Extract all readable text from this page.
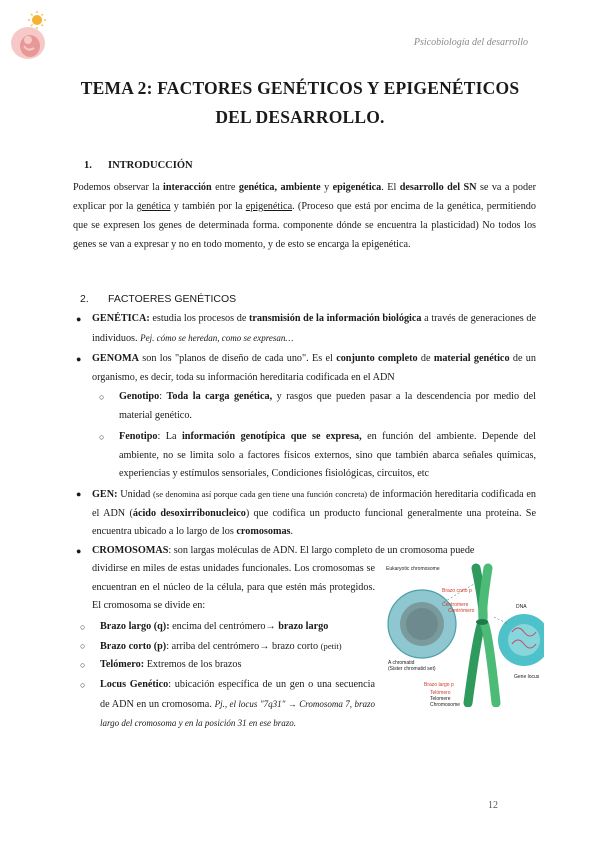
Psicobiología del desarrollo
TEMA 2: FACTORES GENÉTICOS Y EPIGENÉTICOS
DEL DESARROLLO.
1. INTRODUCCIÓN

Podemos observar la interacción entre genética, ambiente y epigenética. El desarrollo del SN se va a poder explicar por la genética y también por la epigenética. (Proceso que está por encima de la genética, permitiendo que se expresen los genes de determinada forma. componente dónde se encuentra la plasticidad) No todos los genes se van a expresar y no en todo momento, y de esto se encarga la epigenética.

2. FACTOERES GENÉTICOS
● GENÉTICA: estudia los procesos de transmisión de la información biológica a través de generaciones de individuos. Pej. cómo se heredan, como se expresan…
● GENOMA son los "planos de diseño de cada uno". Es el conjunto completo de material genético de un organismo, es decir, toda su información hereditaria codificada en el ADN
○ Genotipo: Toda la carga genética, y rasgos que pueden pasar a la descendencia por medio del material genético.
○ Fenotipo: La información genotípica que se expresa, en función del ambiente. Depende del ambiente, no se limita solo a factores físicos externos, sino que también abarca señales químicas, experiencias y estímulos sensoriales, Condiciones fisiológicas, circuitos, etc
● GEN: Unidad (se denomina así porque cada gen tiene una función concreta) de información hereditaria codificada en el ADN (ácido desoxirribonucleico) que codifica un producto funcional generalmente una proteína. Se encuentra ubicado a lo largo de los cromosomas.
● CROMOSOMAS: son largas moléculas de ADN. El largo completo de un cromosoma puede
dividirse en miles de estas unidades funcionales. Los cromosomas se encuentran en el núcleo de la célula, para que estén más protegidos. El cromosoma se divide en:
○ Brazo largo (q): encima del centrómero→ brazo largo
○ Brazo corto (p): arriba del centrómero→ brazo corto (petit)
○ Telómero: Extremos de los brazos
○ Locus Genético: ubicación específica de un gen o una secuencia de ADN en un cromosoma. Pj., el locus "7q31" → Cromosoma 7, brazo largo del cromosoma y en la posición 31 en ese brazo.
Eukaryotic chromosome
Brazo corto p
Centromere
Centrómero
DNA
A chromatid
(Sister chromatid set)
Brazo largo p
Telómero
Telomere
Chromosome
Gene locus
12
